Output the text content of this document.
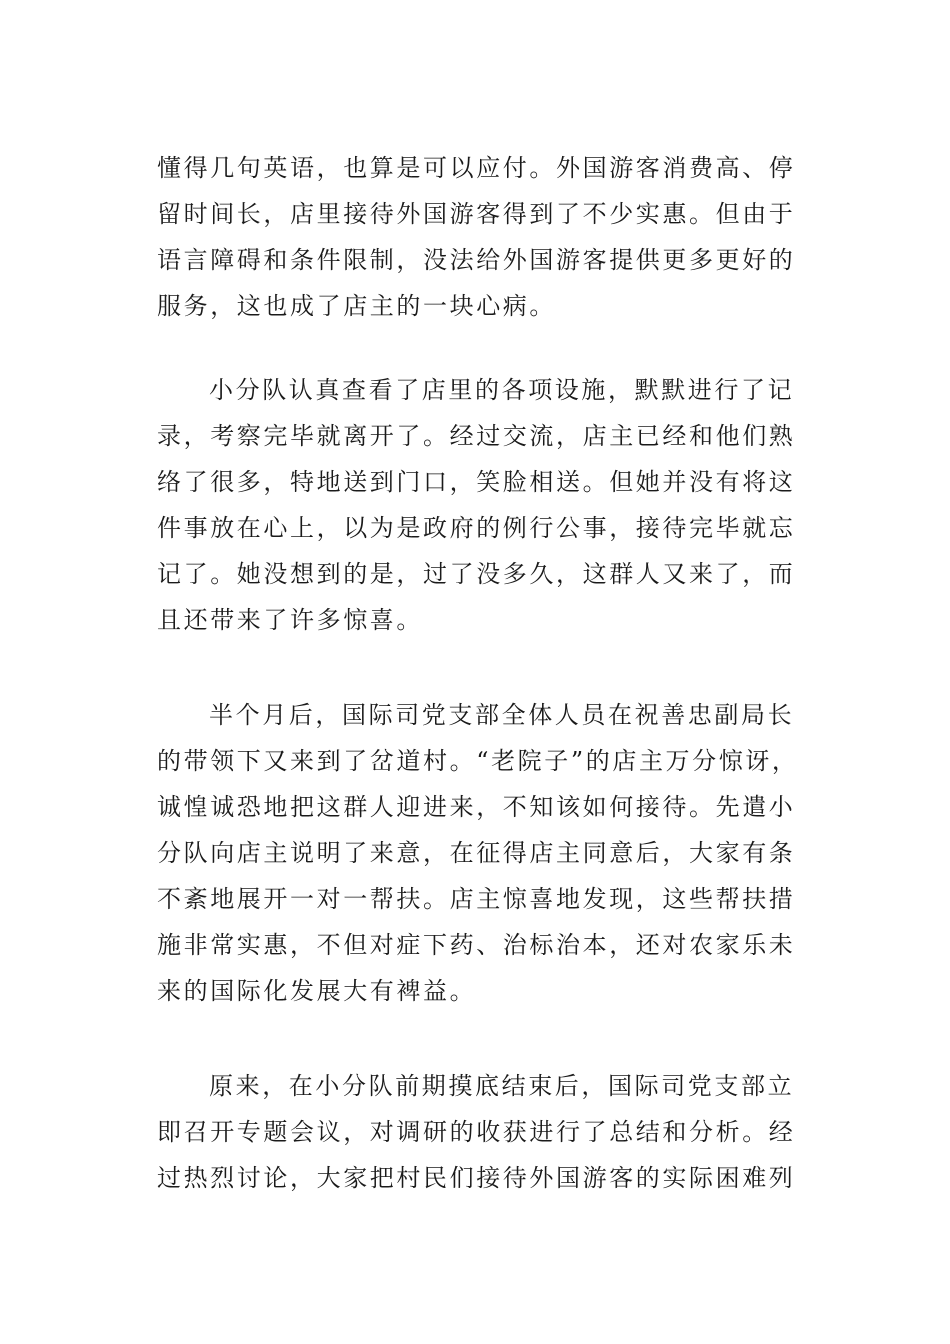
懂得几句英语，也算是可以应付。外国游客消费高、停
留时间长，店里接待外国游客得到了不少实惠。但由于
语言障碍和条件限制，没法给外国游客提供更多更好的
服务，这也成了店主的一块心病。
小分队认真查看了店里的各项设施，默默进行了记
录，考察完毕就离开了。经过交流，店主已经和他们熟
络了很多，特地送到门口，笑脸相送。但她并没有将这
件事放在心上，以为是政府的例行公事，接待完毕就忘
记了。她没想到的是，过了没多久，这群人又来了，而
且还带来了许多惊喜。
半个月后，国际司党支部全体人员在祝善忠副局长
的带领下又来到了岔道村。“老院子”的店主万分惊讶，
诚惶诚恐地把这群人迎进来，不知该如何接待。先遣小
分队向店主说明了来意，在征得店主同意后，大家有条
不紊地展开一对一帮扶。店主惊喜地发现，这些帮扶措
施非常实惠，不但对症下药、治标治本，还对农家乐未
来的国际化发展大有裨益。
原来，在小分队前期摸底结束后，国际司党支部立
即召开专题会议，对调研的收获进行了总结和分析。经
过热烈讨论，大家把村民们接待外国游客的实际困难列
